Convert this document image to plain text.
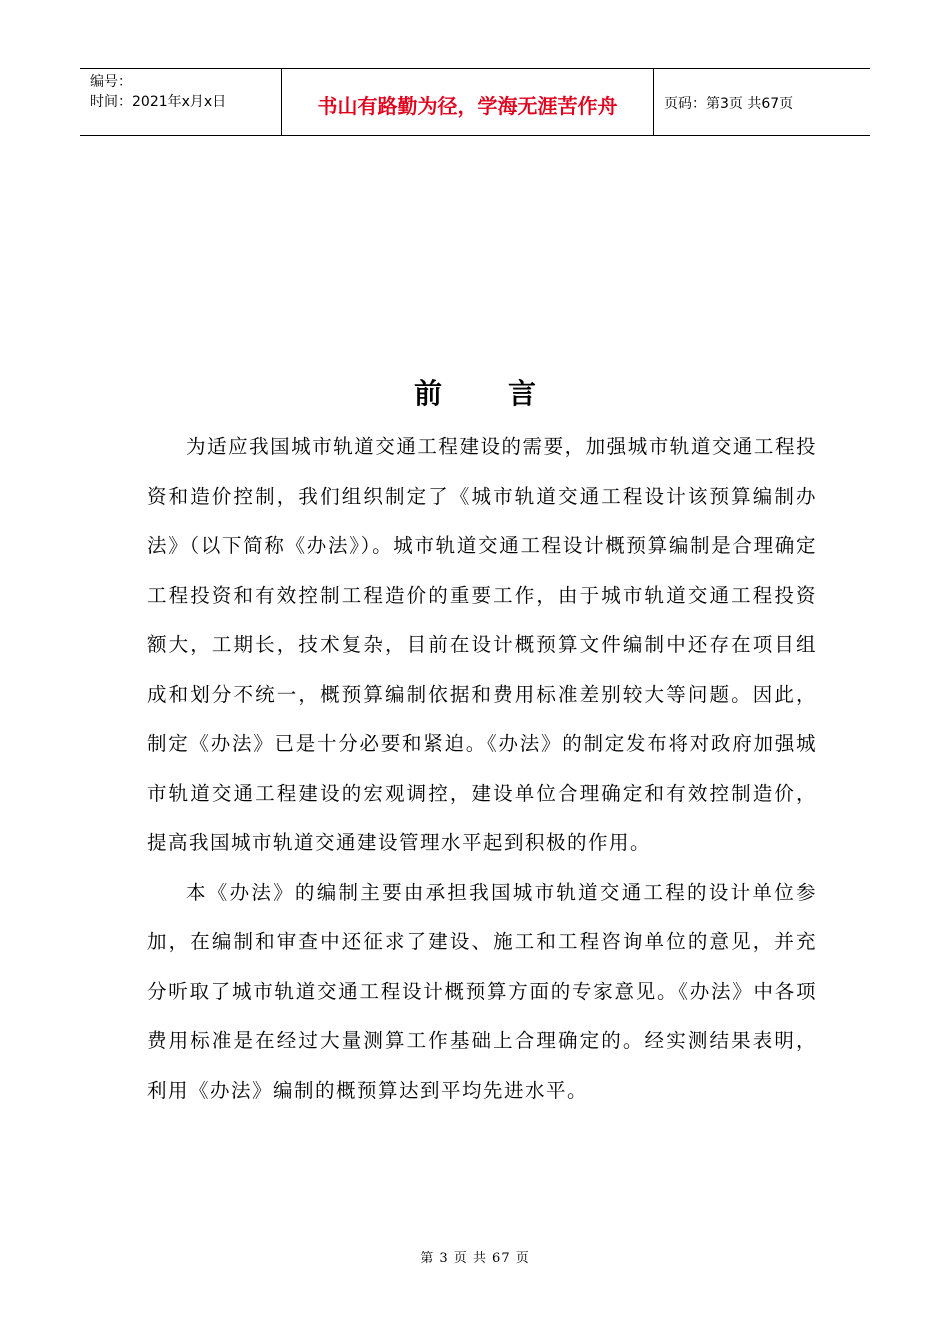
编号：
时间：2021年x月x日	书山有路勤为径，学海无涯苦作舟	页码：第3页 共67页
前 言

为适应我国城市轨道交通工程建设的需要，加强城市轨道交通工程投资和造价控制，我们组织制定了《城市轨道交通工程设计该预算编制办法》（以下简称《办法》）。城市轨道交通工程设计概预算编制是合理确定工程投资和有效控制工程造价的重要工作，由于城市轨道交通工程投资额大，工期长，技术复杂，目前在设计概预算文件编制中还存在项目组成和划分不统一，概预算编制依据和费用标准差别较大等问题。因此，制定《办法》已是十分必要和紧迫。《办法》的制定发布将对政府加强城市轨道交通工程建设的宏观调控，建设单位合理确定和有效控制造价，提高我国城市轨道交通建设管理水平起到积极的作用。

本《办法》的编制主要由承担我国城市轨道交通工程的设计单位参加，在编制和审查中还征求了建设、施工和工程咨询单位的意见，并充分听取了城市轨道交通工程设计概预算方面的专家意见。《办法》中各项费用标准是在经过大量测算工作基础上合理确定的。经实测结果表明，利用《办法》编制的概预算达到平均先进水平。

第 3 页 共 67 页
